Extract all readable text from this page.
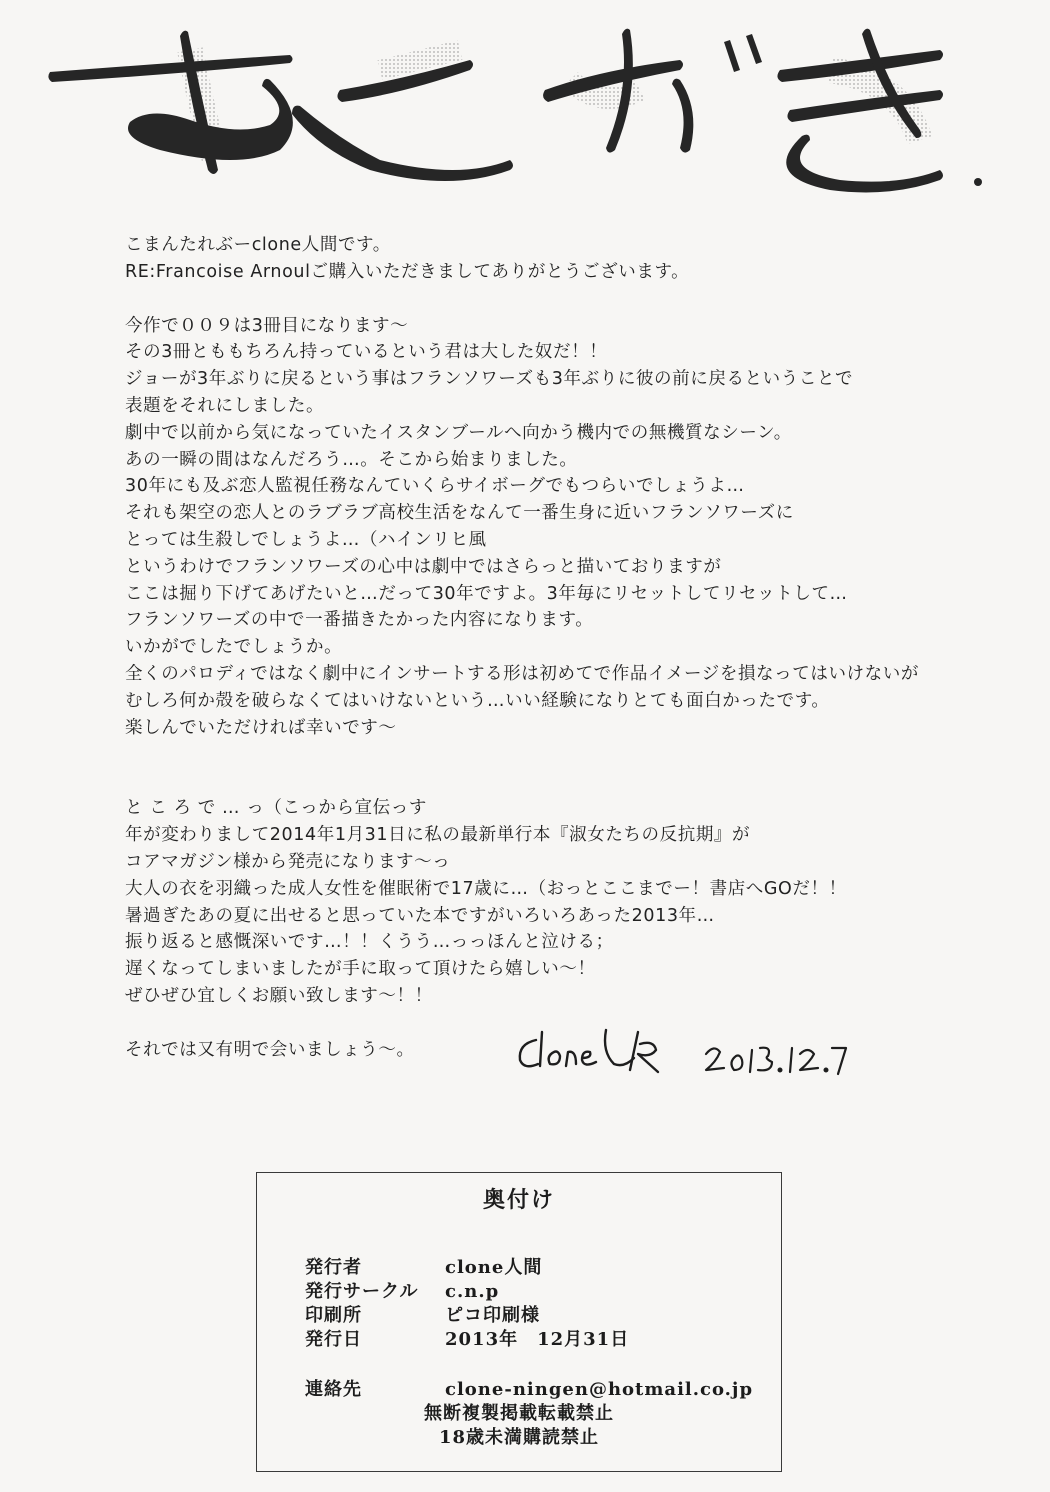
こまんたれぶーclone人間です。
RE:Francoise Arnoulご購入いただきましてありがとうございます。
今作で００９は3冊目になります～
その3冊とももちろん持っているという君は大した奴だ！！
ジョーが3年ぶりに戻るという事はフランソワーズも3年ぶりに彼の前に戻るということで
表題をそれにしました。
劇中で以前から気になっていたイスタンブールへ向かう機内での無機質なシーン。
あの一瞬の間はなんだろう…。そこから始まりました。
30年にも及ぶ恋人監視任務なんていくらサイボーグでもつらいでしょうよ…
それも架空の恋人とのラブラブ高校生活をなんて一番生身に近いフランソワーズに
とっては生殺しでしょうよ…（ハインリヒ風
というわけでフランソワーズの心中は劇中ではさらっと描いておりますが
ここは掘り下げてあげたいと…だって30年ですよ。3年毎にリセットしてリセットして…
フランソワーズの中で一番描きたかった内容になります。
いかがでしたでしょうか。
全くのパロディではなく劇中にインサートする形は初めてで作品イメージを損なってはいけないが
むしろ何か殻を破らなくてはいけないという…いい経験になりとても面白かったです。
楽しんでいただければ幸いです～
と こ ろ で … っ（こっから宣伝っす
年が変わりまして2014年1月31日に私の最新単行本『淑女たちの反抗期』が
コアマガジン様から発売になります～っ
大人の衣を羽織った成人女性を催眠術で17歳に…（おっとここまでー！書店へGOだ！！
暑過ぎたあの夏に出せると思っていた本ですがいろいろあった2013年…
振り返ると感慨深いです…！！くうう…っっほんと泣ける；
遅くなってしまいましたが手に取って頂けたら嬉しい～！
ぜひぜひ宜しくお願い致します～！！
それでは又有明で会いましょう～。
2013.12.7
奥付け
発行者	clone人間
発行サークル c.n.p
印刷所	ピコ印刷様
発行日	2013年　12月31日
連絡先	clone-ningen@hotmail.co.jp
無断複製掲載転載禁止
18歳未満購読禁止
